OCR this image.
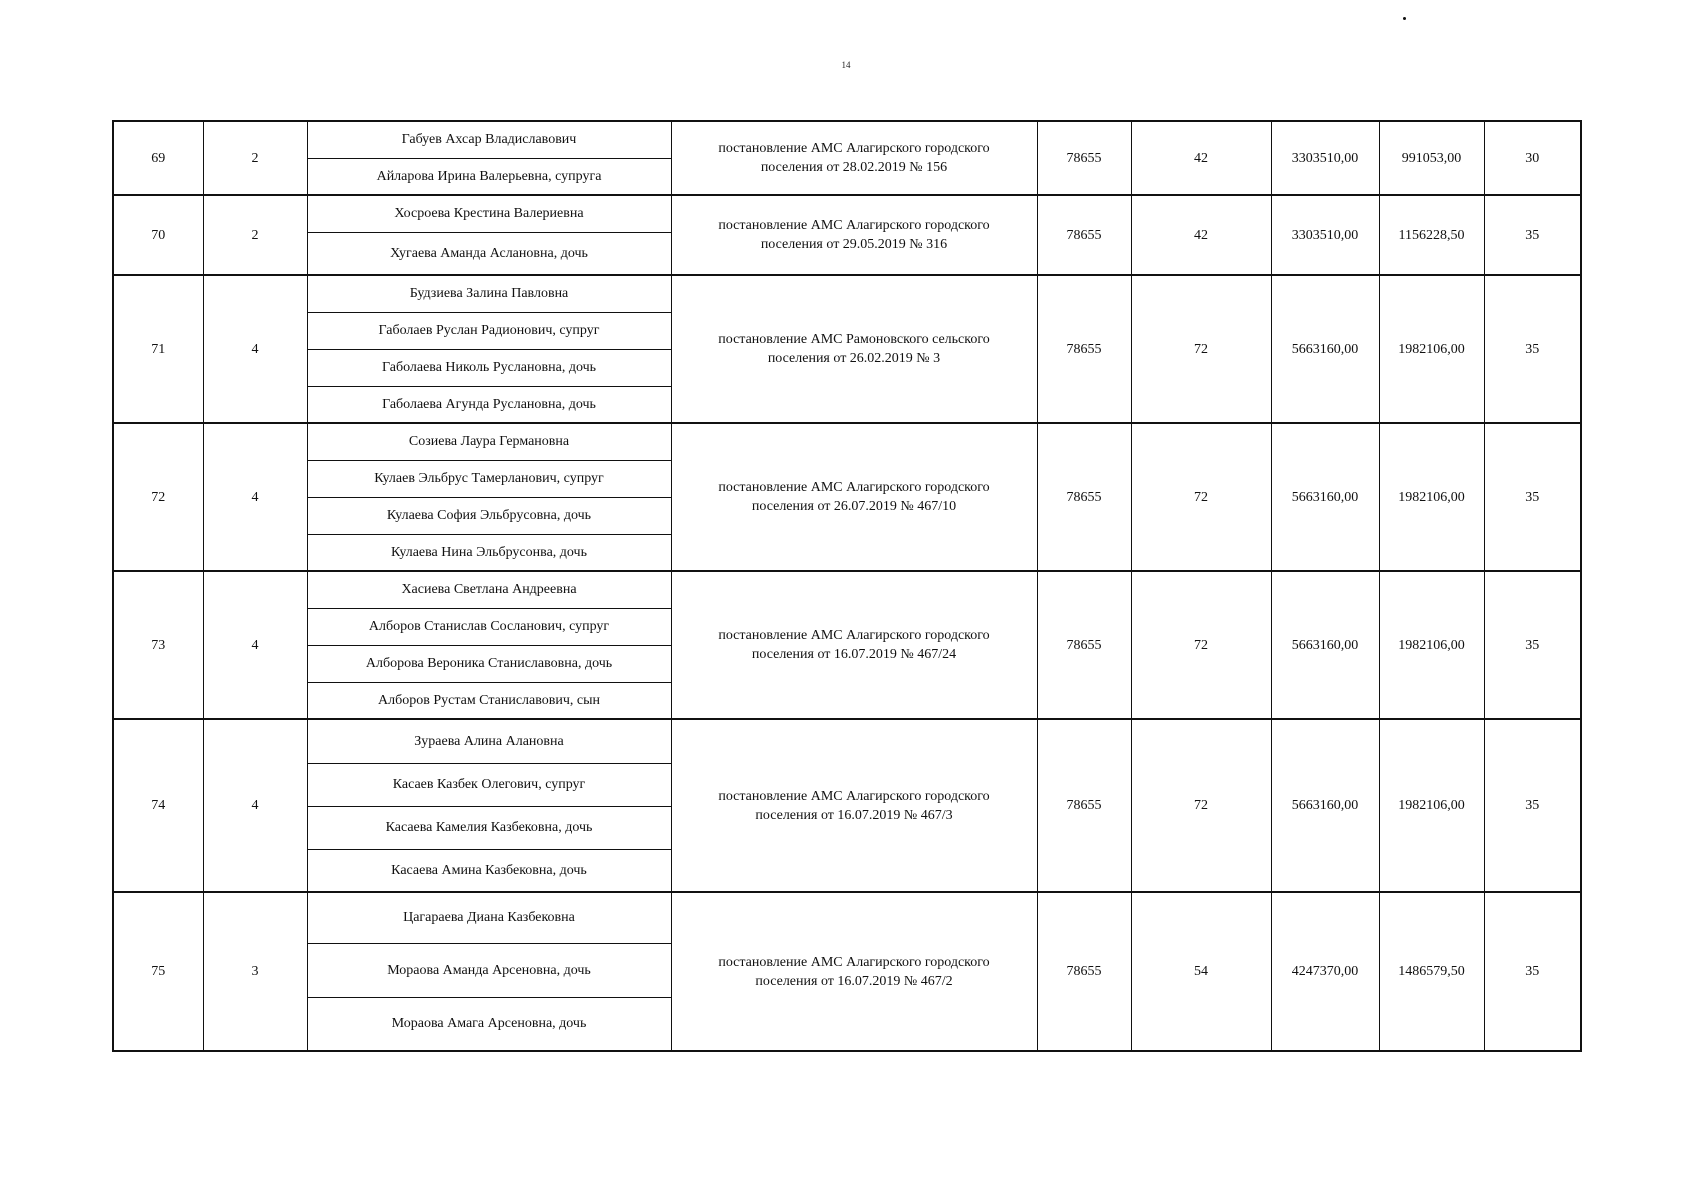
14
69	2	Габуев Ахсар Владиславович	постановление АМС Алагирского городского поселения от 28.02.2019 № 156	78655	42	3303510,00	991053,00	30
		Айларова Ирина Валерьевна, супруга						
70	2	Хосроева Крестина Валериевна	постановление АМС Алагирского городского поселения от 29.05.2019 № 316	78655	42	3303510,00	1156228,50	35
		Хугаева Аманда Аслановна, дочь						
71	4	Будзиева Залина Павловна	постановление АМС Рамоновского сельского поселения от 26.02.2019 № 3	78655	72	5663160,00	1982106,00	35
		Габолаев Руслан Радионович, супруг						
		Габолаева Николь Руслановна, дочь						
		Габолаева Агунда Руслановна, дочь						
72	4	Созиева Лаура Германовна	постановление АМС Алагирского городского поселения от 26.07.2019 № 467/10	78655	72	5663160,00	1982106,00	35
		Кулаев Эльбрус Тамерланович, супруг						
		Кулаева София Эльбрусовна, дочь						
		Кулаева Нина Эльбрусонва, дочь						
73	4	Хасиева Светлана Андреевна	постановление АМС Алагирского городского поселения от 16.07.2019 № 467/24	78655	72	5663160,00	1982106,00	35
		Алборов Станислав Сосланович, супруг						
		Алборова Вероника Станиславовна, дочь						
		Алборов Рустам Станиславович, сын						
74	4	Зураева Алина Алановна	постановление АМС Алагирского городского поселения от 16.07.2019 № 467/3	78655	72	5663160,00	1982106,00	35
		Касаев Казбек Олегович, супруг						
		Касаева Камелия Казбековна, дочь						
		Касаева Амина Казбековна, дочь						
75	3	Цагараева Диана Казбековна	постановление АМС Алагирского городского поселения от 16.07.2019 № 467/2	78655	54	4247370,00	1486579,50	35
		Мораова Аманда Арсеновна, дочь						
		Мораова Амага Арсеновна, дочь						
